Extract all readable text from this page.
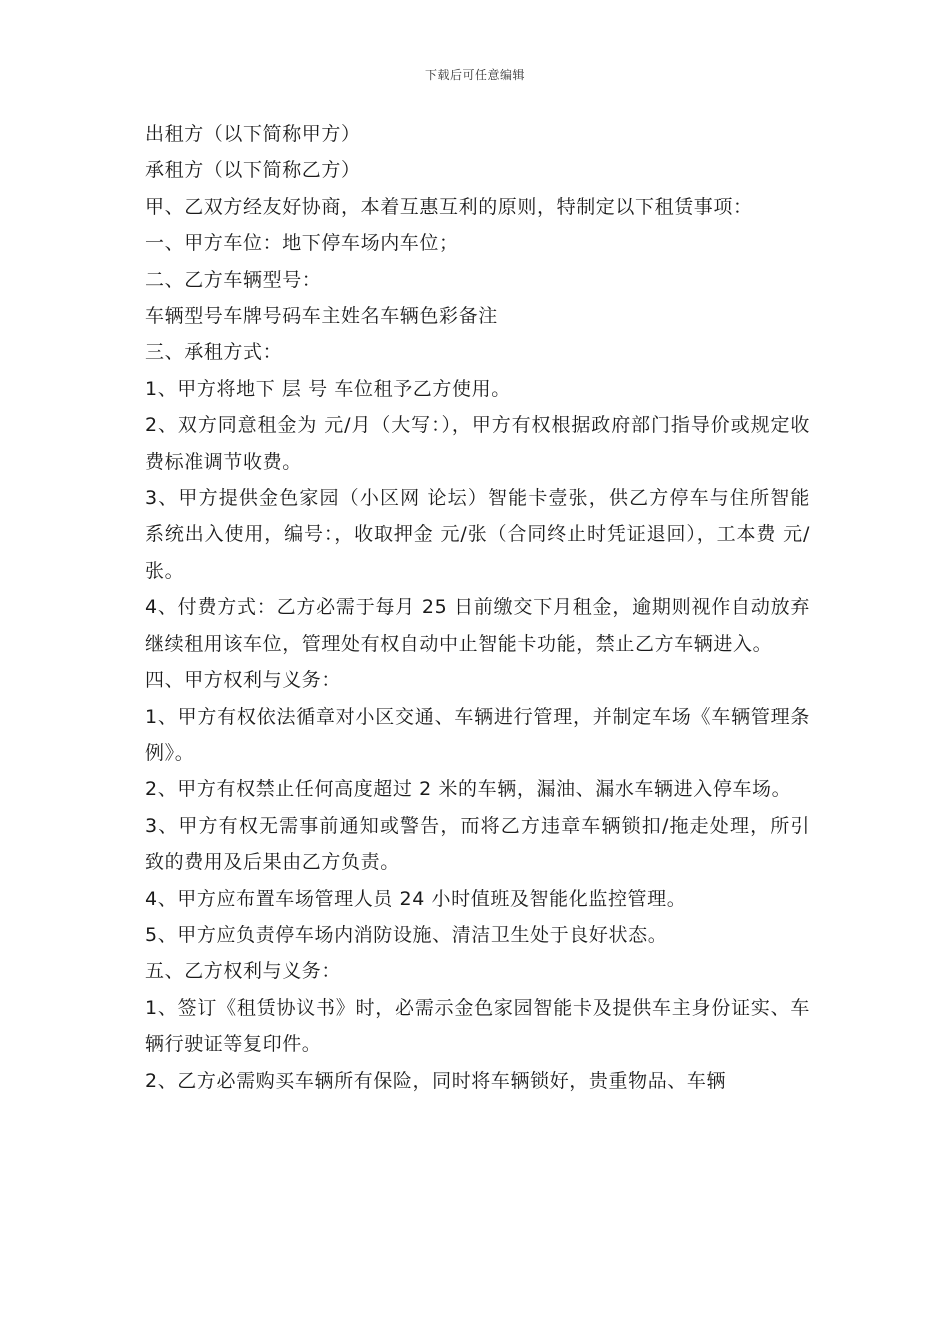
下载后可任意编辑

出租方（以下简称甲方）

承租方（以下简称乙方）

甲、乙双方经友好协商，本着互惠互利的原则，特制定以下租赁事项：

一、甲方车位：地下停车场内车位；

二、乙方车辆型号：

车辆型号车牌号码车主姓名车辆色彩备注

三、承租方式：

1、甲方将地下 层 号 车位租予乙方使用。

2、双方同意租金为 元/月（大写：），甲方有权根据政府部门指导价或规定收费标准调节收费。

3、甲方提供金色家园（小区网 论坛）智能卡壹张，供乙方停车与住所智能系统出入使用，编号：，收取押金 元/张（合同终止时凭证退回），工本费 元/张。

4、付费方式：乙方必需于每月 25 日前缴交下月租金，逾期则视作自动放弃继续租用该车位，管理处有权自动中止智能卡功能，禁止乙方车辆进入。

四、甲方权利与义务：

1、甲方有权依法循章对小区交通、车辆进行管理，并制定车场《车辆管理条例》。

2、甲方有权禁止任何高度超过 2 米的车辆，漏油、漏水车辆进入停车场。

3、甲方有权无需事前通知或警告，而将乙方违章车辆锁扣/拖走处理，所引致的费用及后果由乙方负责。

4、甲方应布置车场管理人员 24 小时值班及智能化监控管理。

5、甲方应负责停车场内消防设施、清洁卫生处于良好状态。

五、乙方权利与义务：

1、签订《租赁协议书》时，必需示金色家园智能卡及提供车主身份证实、车辆行驶证等复印件。

2、乙方必需购买车辆所有保险，同时将车辆锁好，贵重物品、车辆
